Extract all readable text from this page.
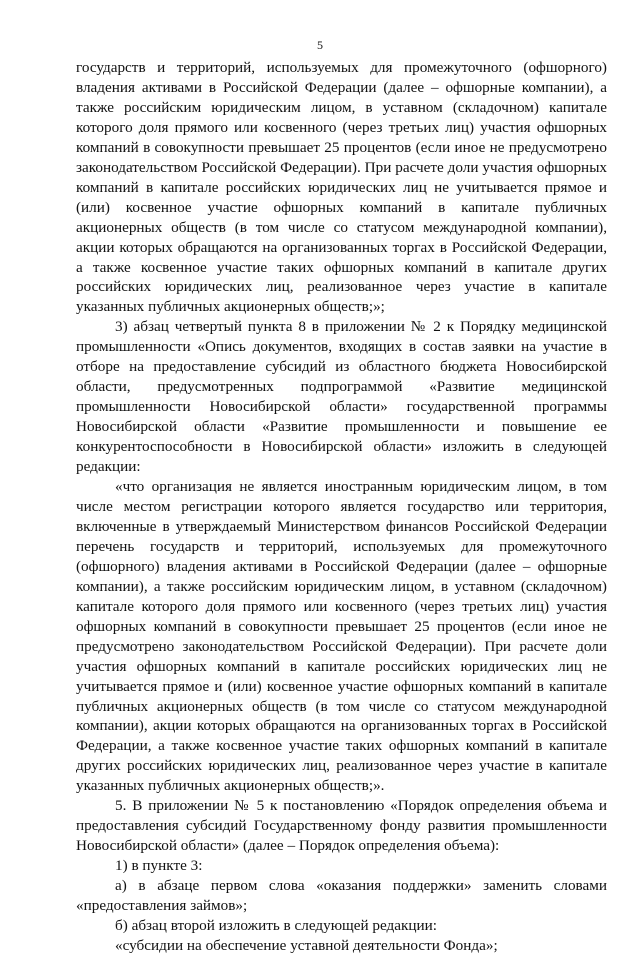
5

государств и территорий, используемых для промежуточного (офшорного) владения активами в Российской Федерации (далее – офшорные компании), а также российским юридическим лицом, в уставном (складочном) капитале которого доля прямого или косвенного (через третьих лиц) участия офшорных компаний в совокупности превышает 25 процентов (если иное не предусмотрено законодательством Российской Федерации). При расчете доли участия офшорных компаний в капитале российских юридических лиц не учитывается прямое и (или) косвенное участие офшорных компаний в капитале публичных акционерных обществ (в том числе со статусом международной компании), акции которых обращаются на организованных торгах в Российской Федерации, а также косвенное участие таких офшорных компаний в капитале других российских юридических лиц, реализованное через участие в капитале указанных публичных акционерных обществ;»;

3) абзац четвертый пункта 8 в приложении № 2 к Порядку медицинской промышленности «Опись документов, входящих в состав заявки на участие в отборе на предоставление субсидий из областного бюджета Новосибирской области, предусмотренных подпрограммой «Развитие медицинской промышленности Новосибирской области» государственной программы Новосибирской области «Развитие промышленности и повышение ее конкурентоспособности в Новосибирской области» изложить в следующей редакции:

«что организация не является иностранным юридическим лицом, в том числе местом регистрации которого является государство или территория, включенные в утверждаемый Министерством финансов Российской Федерации перечень государств и территорий, используемых для промежуточного (офшорного) владения активами в Российской Федерации (далее – офшорные компании), а также российским юридическим лицом, в уставном (складочном) капитале которого доля прямого или косвенного (через третьих лиц) участия офшорных компаний в совокупности превышает 25 процентов (если иное не предусмотрено законодательством Российской Федерации). При расчете доли участия офшорных компаний в капитале российских юридических лиц не учитывается прямое и (или) косвенное участие офшорных компаний в капитале публичных акционерных обществ (в том числе со статусом международной компании), акции которых обращаются на организованных торгах в Российской Федерации, а также косвенное участие таких офшорных компаний в капитале других российских юридических лиц, реализованное через участие в капитале указанных публичных акционерных обществ;».

5. В приложении № 5 к постановлению «Порядок определения объема и предоставления субсидий Государственному фонду развития промышленности Новосибирской области» (далее – Порядок определения объема):

1) в пункте 3:

а) в абзаце первом слова «оказания поддержки» заменить словами «предоставления займов»;

б) абзац второй изложить в следующей редакции:

«субсидии на обеспечение уставной деятельности Фонда»;
